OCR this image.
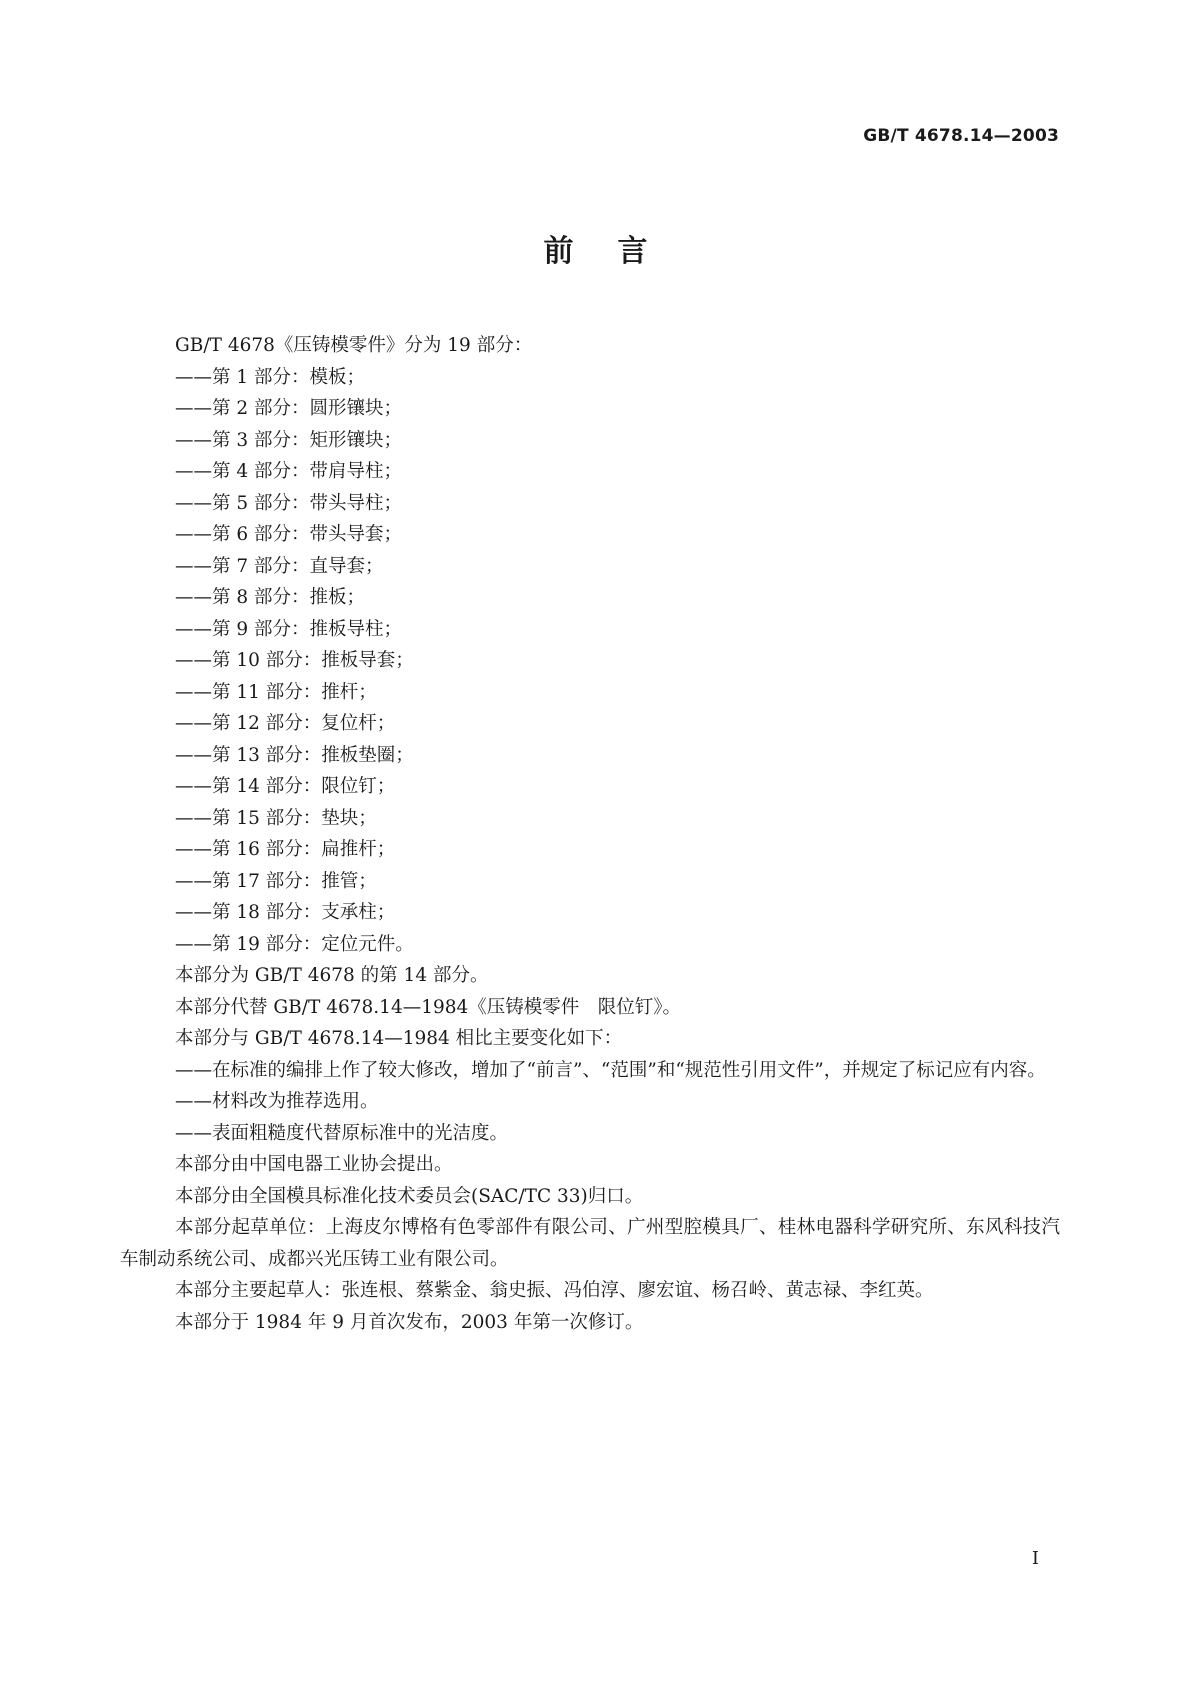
GB/T 4678.14—2003
前言
GB/T 4678《压铸模零件》分为 19 部分：
——第 1 部分：模板；
——第 2 部分：圆形镶块；
——第 3 部分：矩形镶块；
——第 4 部分：带肩导柱；
——第 5 部分：带头导柱；
——第 6 部分：带头导套；
——第 7 部分：直导套；
——第 8 部分：推板；
——第 9 部分：推板导柱；
——第 10 部分：推板导套；
——第 11 部分：推杆；
——第 12 部分：复位杆；
——第 13 部分：推板垫圈；
——第 14 部分：限位钉；
——第 15 部分：垫块；
——第 16 部分：扁推杆；
——第 17 部分：推管；
——第 18 部分：支承柱；
——第 19 部分：定位元件。
本部分为 GB/T 4678 的第 14 部分。
本部分代替 GB/T 4678.14—1984《压铸模零件　限位钉》。
本部分与 GB/T 4678.14—1984 相比主要变化如下：
——在标准的编排上作了较大修改，增加了“前言”、“范围”和“规范性引用文件”，并规定了标记应有内容。
——材料改为推荐选用。
——表面粗糙度代替原标准中的光洁度。
本部分由中国电器工业协会提出。
本部分由全国模具标准化技术委员会(SAC/TC 33)归口。
本部分起草单位：上海皮尔博格有色零部件有限公司、广州型腔模具厂、桂林电器科学研究所、东风科技汽车制动系统公司、成都兴光压铸工业有限公司。
本部分主要起草人：张连根、蔡紫金、翁史振、冯伯淳、廖宏谊、杨召岭、黄志禄、李红英。
本部分于 1984 年 9 月首次发布，2003 年第一次修订。
I
